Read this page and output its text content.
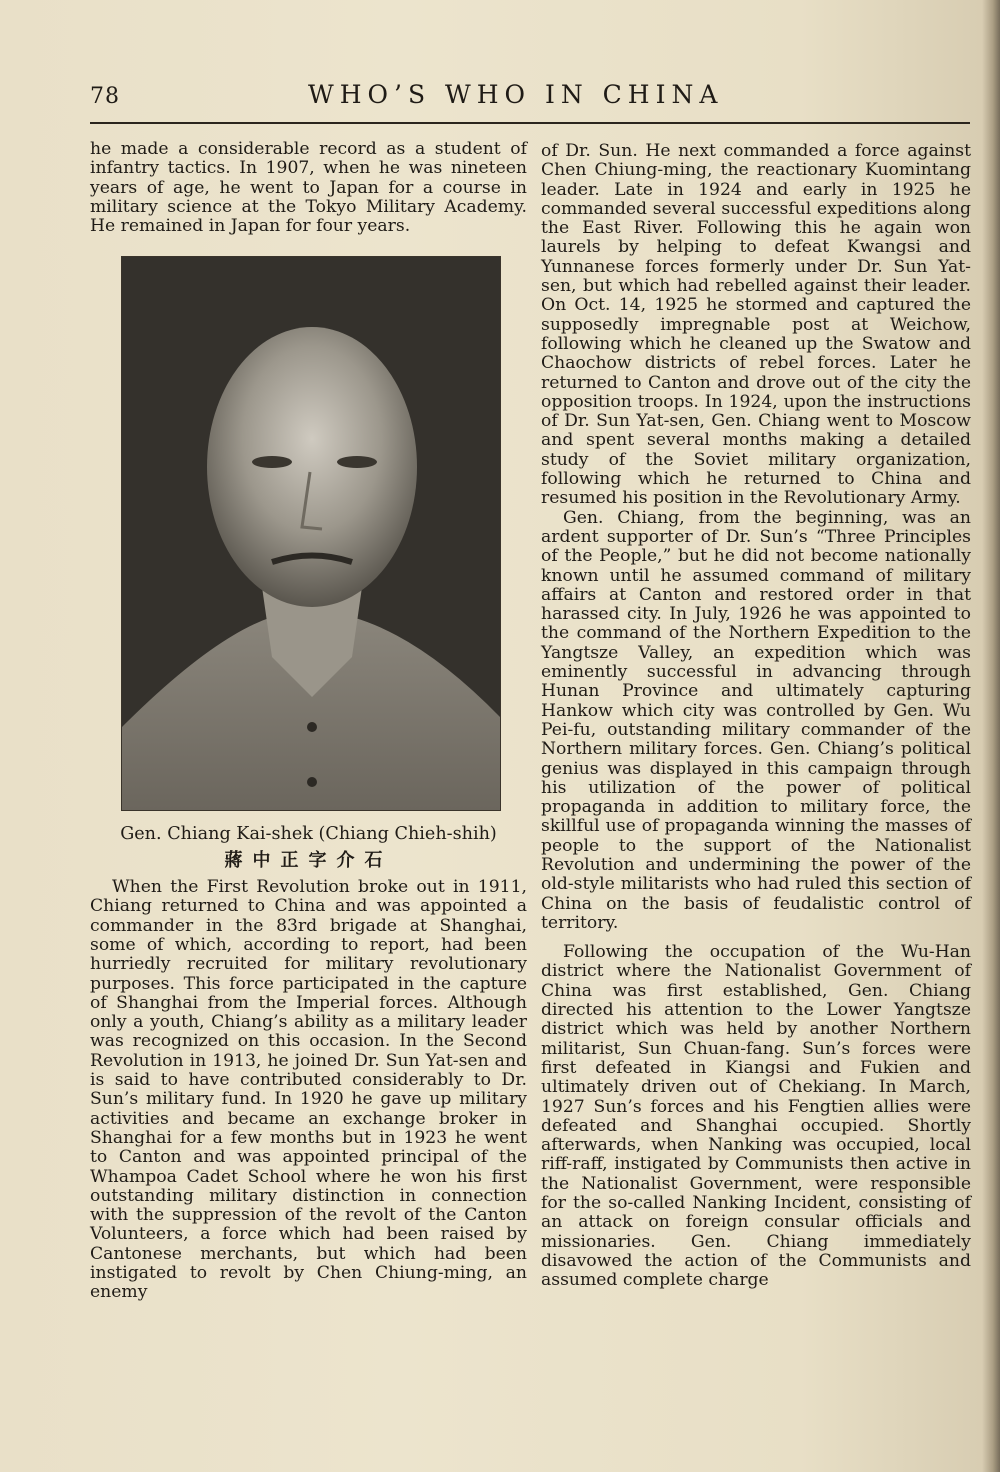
78	WHO’S WHO IN CHINA

he made a considerable record as a student of infantry tactics. In 1907, when he was nineteen years of age, he went to Japan for a course in military science at the Tokyo Military Academy. He remained in Japan for four years.

Gen. Chiang Kai-shek (Chiang Chieh-shih)
蔣中正字介石

When the First Revolution broke out in 1911, Chiang returned to China and was appointed a commander in the 83rd brigade at Shanghai, some of which, according to report, had been hurriedly recruited for military revolutionary purposes. This force participated in the capture of Shanghai from the Imperial forces. Although only a youth, Chiang’s ability as a military leader was recognized on this occasion. In the Second Revolution in 1913, he joined Dr. Sun Yat-sen and is said to have contributed considerably to Dr. Sun’s military fund. In 1920 he gave up military activities and became an exchange broker in Shanghai for a few months but in 1923 he went to Canton and was appointed principal of the Whampoa Cadet School where he won his first outstanding military distinction in connection with the suppression of the revolt of the Canton Volunteers, a force which had been raised by Cantonese merchants, but which had been instigated to revolt by Chen Chiung-ming, an enemy

of Dr. Sun. He next commanded a force against Chen Chiung-ming, the reactionary Kuomintang leader. Late in 1924 and early in 1925 he commanded several successful expeditions along the East River. Following this he again won laurels by helping to defeat Kwangsi and Yunnanese forces formerly under Dr. Sun Yat-sen, but which had rebelled against their leader. On Oct. 14, 1925 he stormed and captured the supposedly impregnable post at Weichow, following which he cleaned up the Swatow and Chaochow districts of rebel forces. Later he returned to Canton and drove out of the city the opposition troops. In 1924, upon the instructions of Dr. Sun Yat-sen, Gen. Chiang went to Moscow and spent several months making a detailed study of the Soviet military organization, following which he returned to China and resumed his position in the Revolutionary Army.

Gen. Chiang, from the beginning, was an ardent supporter of Dr. Sun’s “Three Principles of the People,” but he did not become nationally known until he assumed command of military affairs at Canton and restored order in that harassed city. In July, 1926 he was appointed to the command of the Northern Expedition to the Yangtsze Valley, an expedition which was eminently successful in advancing through Hunan Province and ultimately capturing Hankow which city was controlled by Gen. Wu Pei-fu, outstanding military commander of the Northern military forces. Gen. Chiang’s political genius was displayed in this campaign through his utilization of the power of political propaganda in addition to military force, the skillful use of propaganda winning the masses of people to the support of the Nationalist Revolution and undermining the power of the old-style militarists who had ruled this section of China on the basis of feudalistic control of territory.

Following the occupation of the Wu-Han district where the Nationalist Government of China was first established, Gen. Chiang directed his attention to the Lower Yangtsze district which was held by another Northern militarist, Sun Chuan-fang. Sun’s forces were first defeated in Kiangsi and Fukien and ultimately driven out of Chekiang. In March, 1927 Sun’s forces and his Fengtien allies were defeated and Shanghai occupied. Shortly afterwards, when Nanking was occupied, local riff-raff, instigated by Communists then active in the Nationalist Government, were responsible for the so-called Nanking Incident, consisting of an attack on foreign consular officials and missionaries. Gen. Chiang immediately disavowed the action of the Communists and assumed complete charge
